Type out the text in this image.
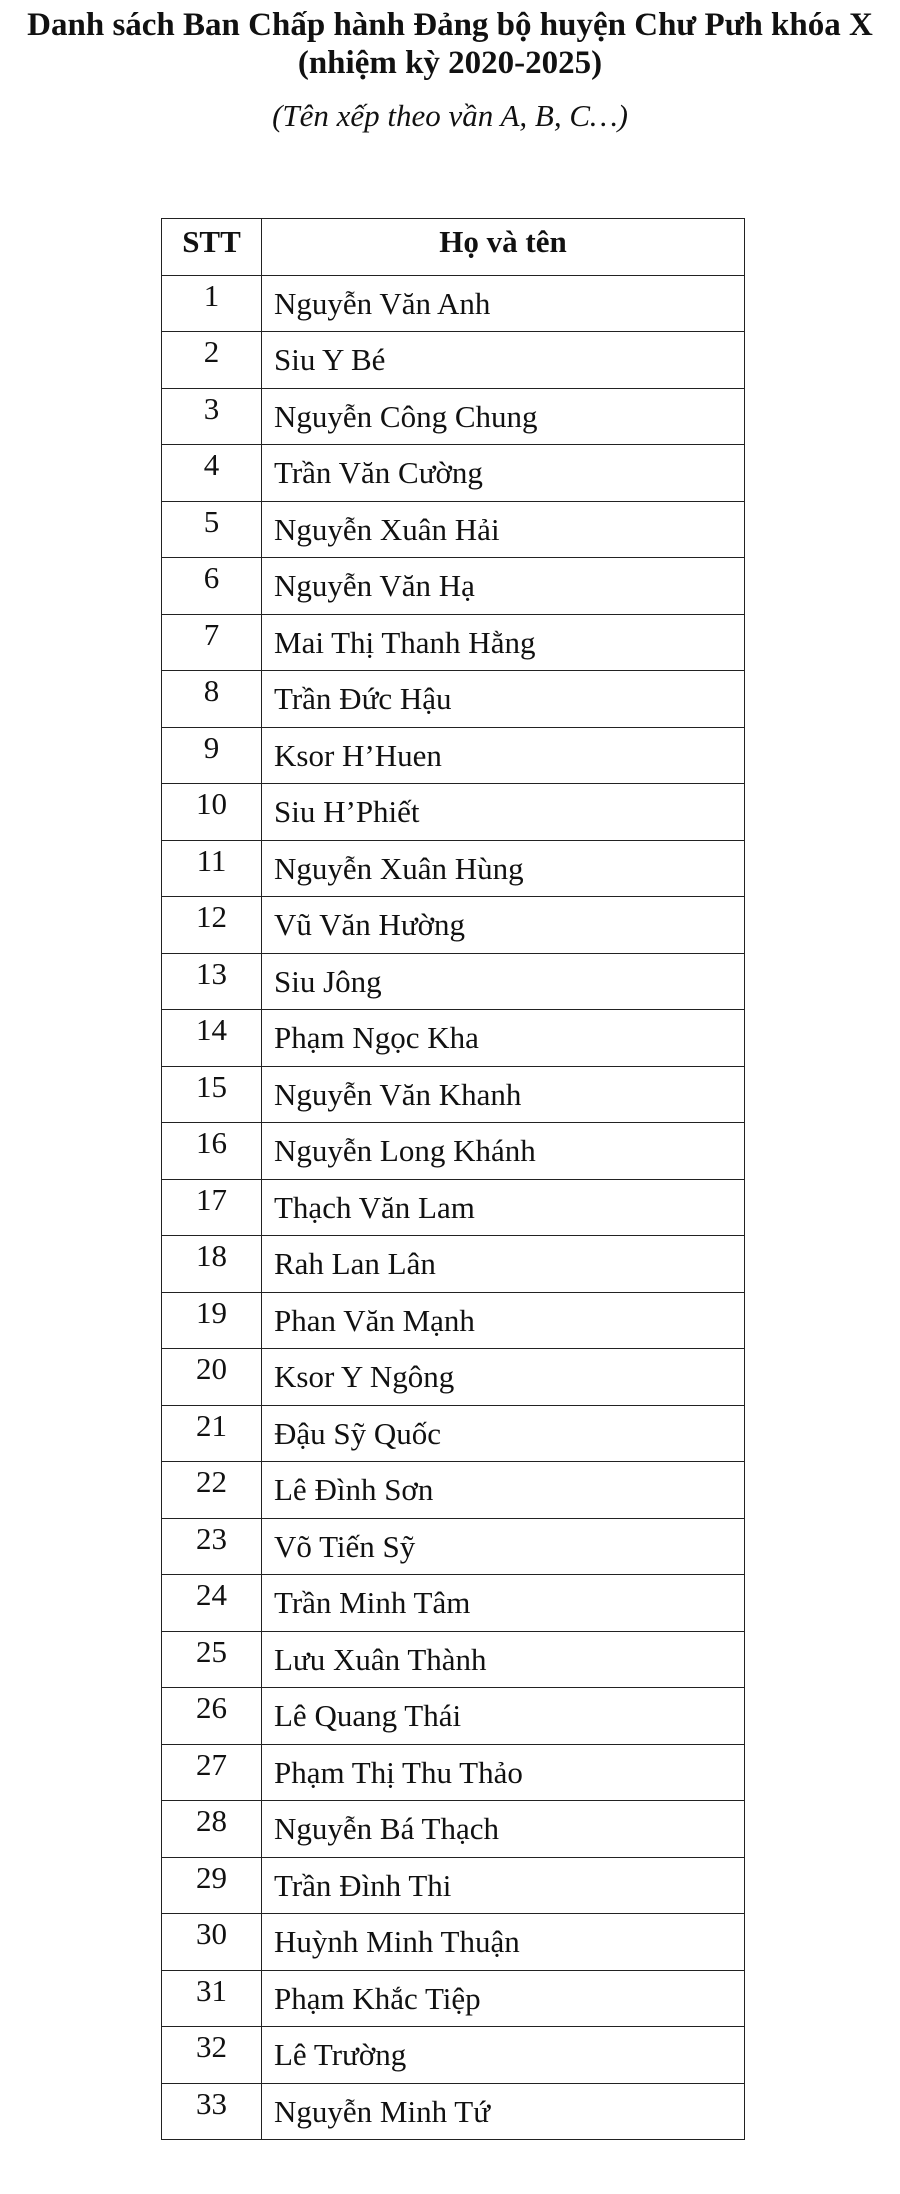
Danh sách Ban Chấp hành Đảng bộ huyện Chư Pưh khóa X
(nhiệm kỳ 2020-2025)
(Tên xếp theo vần A, B, C…)
STT	Họ và tên
1	Nguyễn Văn Anh
2	Siu Y Bé
3	Nguyễn Công Chung
4	Trần Văn Cường
5	Nguyễn Xuân Hải
6	Nguyễn Văn Hạ
7	Mai Thị Thanh Hằng
8	Trần Đức Hậu
9	Ksor H’Huen
10	Siu H’Phiết
11	Nguyễn Xuân Hùng
12	Vũ Văn Hường
13	Siu Jông
14	Phạm Ngọc Kha
15	Nguyễn Văn Khanh
16	Nguyễn Long Khánh
17	Thạch Văn Lam
18	Rah Lan Lân
19	Phan Văn Mạnh
20	Ksor Y Ngông
21	Đậu Sỹ Quốc
22	Lê Đình Sơn
23	Võ Tiến Sỹ
24	Trần Minh Tâm
25	Lưu Xuân Thành
26	Lê Quang Thái
27	Phạm Thị Thu Thảo
28	Nguyễn Bá Thạch
29	Trần Đình Thi
30	Huỳnh Minh Thuận
31	Phạm Khắc Tiệp
32	Lê Trường
33	Nguyễn Minh Tứ
